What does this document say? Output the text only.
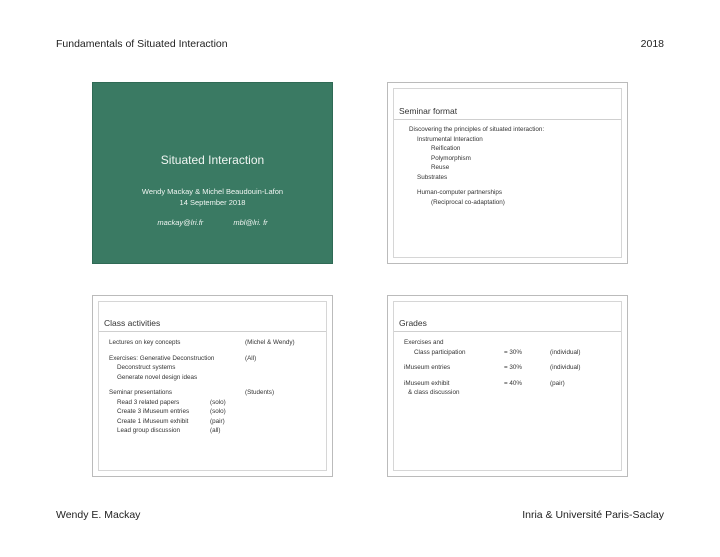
Fundamentals of Situated Interaction	2018
Situated Interaction
Wendy Mackay & Michel Beaudouin-Lafon
14 September 2018
mackay@lri.fr	mbl@lri. fr
Seminar format
Discovering the principles of situated interaction:
Instrumental Interaction
Reification
Polymorphism
Reuse
Substrates
Human-computer partnerships
(Reciprocal co-adaptation)
Class activities
Lectures on key concepts	(Michel & Wendy)
Exercises: Generative Deconstruction	(All)
Deconstruct systems
Generate novel design ideas
Seminar presentations	(Students)
Read 3 related papers	(solo)
Create 3 iMuseum entries	(solo)
Create 1 iMuseum exhibit	(pair)
Lead group discussion	(all)
Grades
Exercises and
Class participation	= 30%	(individual)
iMuseum entries	= 30%	(individual)
iMuseum exhibit	= 40%	(pair)
& class discussion
Wendy E. Mackay	Inria & Université Paris-Saclay
